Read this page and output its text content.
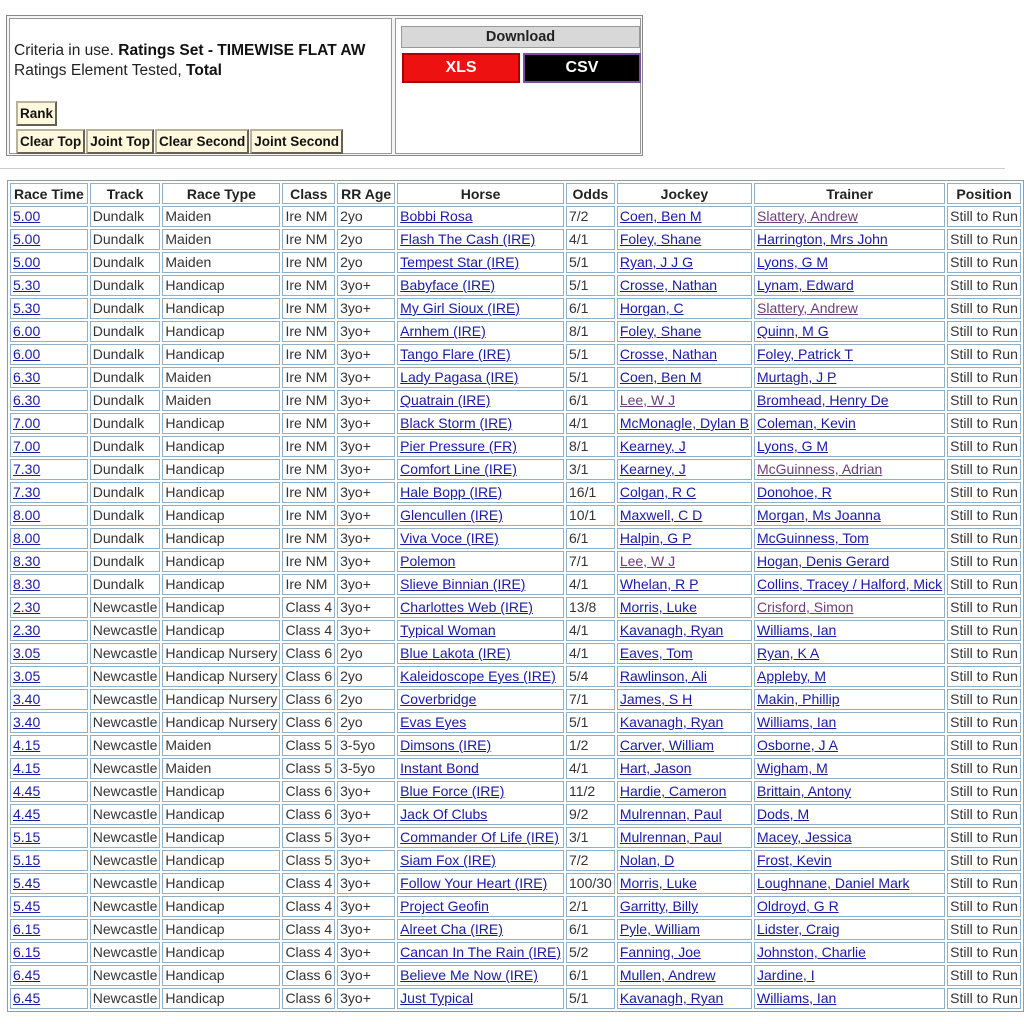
Criteria in use. Ratings Set - TIMEWISE FLAT AW
Ratings Element Tested, Total
Rank
Clear Top Joint Top Clear Second Joint Second
Download
XLS	CSV
Race Time	Track	Race Type	Class	RR Age	Horse	Odds	Jockey	Trainer	Position
5.00	Dundalk	Maiden	Ire NM	2yo	Bobbi Rosa	7/2	Coen, Ben M	Slattery, Andrew	Still to Run
5.00	Dundalk	Maiden	Ire NM	2yo	Flash The Cash (IRE)	4/1	Foley, Shane	Harrington, Mrs John	Still to Run
5.00	Dundalk	Maiden	Ire NM	2yo	Tempest Star (IRE)	5/1	Ryan, J J G	Lyons, G M	Still to Run
5.30	Dundalk	Handicap	Ire NM	3yo+	Babyface (IRE)	5/1	Crosse, Nathan	Lynam, Edward	Still to Run
5.30	Dundalk	Handicap	Ire NM	3yo+	My Girl Sioux (IRE)	6/1	Horgan, C	Slattery, Andrew	Still to Run
6.00	Dundalk	Handicap	Ire NM	3yo+	Arnhem (IRE)	8/1	Foley, Shane	Quinn, M G	Still to Run
6.00	Dundalk	Handicap	Ire NM	3yo+	Tango Flare (IRE)	5/1	Crosse, Nathan	Foley, Patrick T	Still to Run
6.30	Dundalk	Maiden	Ire NM	3yo+	Lady Pagasa (IRE)	5/1	Coen, Ben M	Murtagh, J P	Still to Run
6.30	Dundalk	Maiden	Ire NM	3yo+	Quatrain (IRE)	6/1	Lee, W J	Bromhead, Henry De	Still to Run
7.00	Dundalk	Handicap	Ire NM	3yo+	Black Storm (IRE)	4/1	McMonagle, Dylan B	Coleman, Kevin	Still to Run
7.00	Dundalk	Handicap	Ire NM	3yo+	Pier Pressure (FR)	8/1	Kearney, J	Lyons, G M	Still to Run
7.30	Dundalk	Handicap	Ire NM	3yo+	Comfort Line (IRE)	3/1	Kearney, J	McGuinness, Adrian	Still to Run
7.30	Dundalk	Handicap	Ire NM	3yo+	Hale Bopp (IRE)	16/1	Colgan, R C	Donohoe, R	Still to Run
8.00	Dundalk	Handicap	Ire NM	3yo+	Glencullen (IRE)	10/1	Maxwell, C D	Morgan, Ms Joanna	Still to Run
8.00	Dundalk	Handicap	Ire NM	3yo+	Viva Voce (IRE)	6/1	Halpin, G P	McGuinness, Tom	Still to Run
8.30	Dundalk	Handicap	Ire NM	3yo+	Polemon	7/1	Lee, W J	Hogan, Denis Gerard	Still to Run
8.30	Dundalk	Handicap	Ire NM	3yo+	Slieve Binnian (IRE)	4/1	Whelan, R P	Collins, Tracey / Halford, Mick	Still to Run
2.30	Newcastle	Handicap	Class 4	3yo+	Charlottes Web (IRE)	13/8	Morris, Luke	Crisford, Simon	Still to Run
2.30	Newcastle	Handicap	Class 4	3yo+	Typical Woman	4/1	Kavanagh, Ryan	Williams, Ian	Still to Run
3.05	Newcastle	Handicap Nursery	Class 6	2yo	Blue Lakota (IRE)	4/1	Eaves, Tom	Ryan, K A	Still to Run
3.05	Newcastle	Handicap Nursery	Class 6	2yo	Kaleidoscope Eyes (IRE)	5/4	Rawlinson, Ali	Appleby, M	Still to Run
3.40	Newcastle	Handicap Nursery	Class 6	2yo	Coverbridge	7/1	James, S H	Makin, Phillip	Still to Run
3.40	Newcastle	Handicap Nursery	Class 6	2yo	Evas Eyes	5/1	Kavanagh, Ryan	Williams, Ian	Still to Run
4.15	Newcastle	Maiden	Class 5	3-5yo	Dimsons (IRE)	1/2	Carver, William	Osborne, J A	Still to Run
4.15	Newcastle	Maiden	Class 5	3-5yo	Instant Bond	4/1	Hart, Jason	Wigham, M	Still to Run
4.45	Newcastle	Handicap	Class 6	3yo+	Blue Force (IRE)	11/2	Hardie, Cameron	Brittain, Antony	Still to Run
4.45	Newcastle	Handicap	Class 6	3yo+	Jack Of Clubs	9/2	Mulrennan, Paul	Dods, M	Still to Run
5.15	Newcastle	Handicap	Class 5	3yo+	Commander Of Life (IRE)	3/1	Mulrennan, Paul	Macey, Jessica	Still to Run
5.15	Newcastle	Handicap	Class 5	3yo+	Siam Fox (IRE)	7/2	Nolan, D	Frost, Kevin	Still to Run
5.45	Newcastle	Handicap	Class 4	3yo+	Follow Your Heart (IRE)	100/30	Morris, Luke	Loughnane, Daniel Mark	Still to Run
5.45	Newcastle	Handicap	Class 4	3yo+	Project Geofin	2/1	Garritty, Billy	Oldroyd, G R	Still to Run
6.15	Newcastle	Handicap	Class 4	3yo+	Alreet Cha (IRE)	6/1	Pyle, William	Lidster, Craig	Still to Run
6.15	Newcastle	Handicap	Class 4	3yo+	Cancan In The Rain (IRE)	5/2	Fanning, Joe	Johnston, Charlie	Still to Run
6.45	Newcastle	Handicap	Class 6	3yo+	Believe Me Now (IRE)	6/1	Mullen, Andrew	Jardine, I	Still to Run
6.45	Newcastle	Handicap	Class 6	3yo+	Just Typical	5/1	Kavanagh, Ryan	Williams, Ian	Still to Run
